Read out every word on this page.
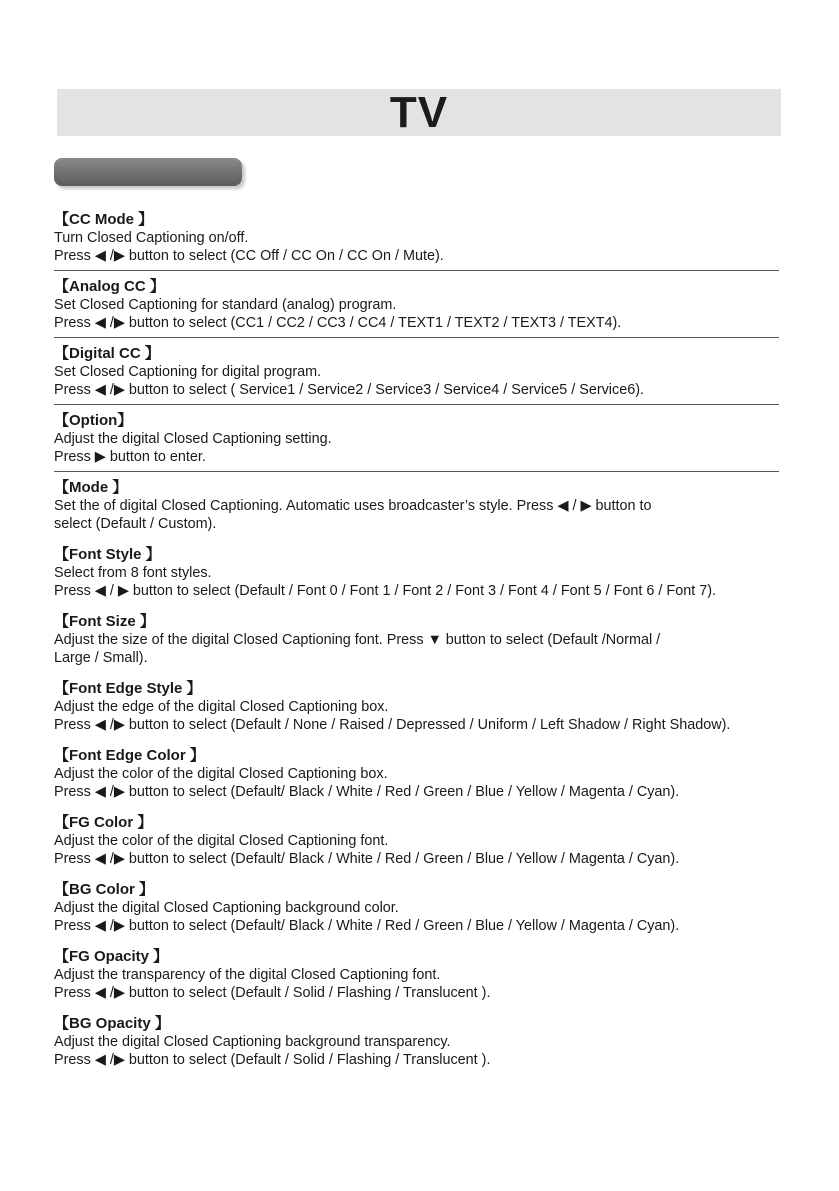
TV
【CC Mode 】
Turn Closed Captioning on/off.
Press ◀ /▶ button to select (CC Off / CC On / CC On / Mute).
【Analog CC 】
Set Closed Captioning for standard (analog) program.
Press ◀ /▶ button to select (CC1 / CC2 / CC3 / CC4 / TEXT1 / TEXT2 / TEXT3 / TEXT4).
【Digital CC 】
Set Closed Captioning for digital program.
Press ◀ /▶ button to select ( Service1 / Service2 / Service3 / Service4 / Service5 / Service6).
【Option】
Adjust the digital Closed Captioning setting.
Press ▶ button to enter.
【Mode 】
Set the of digital Closed Captioning. Automatic uses broadcaster’s style. Press ◀ / ▶ button to
select (Default / Custom).
【Font Style 】
Select from 8 font styles.
Press ◀ / ▶ button to select (Default / Font 0 / Font 1 / Font 2 / Font 3 / Font 4 / Font 5 / Font 6 / Font 7).
【Font Size 】
Adjust the size of the digital Closed Captioning font. Press ▼ button to select (Default /Normal /
Large / Small).
【Font Edge Style 】
Adjust the edge of the digital Closed Captioning box.
Press ◀ /▶ button to select (Default / None / Raised / Depressed / Uniform / Left Shadow / Right Shadow).
【Font Edge Color 】
Adjust the color of the digital Closed Captioning box.
Press ◀ /▶ button to select (Default/ Black / White / Red / Green / Blue / Yellow / Magenta / Cyan).
【FG Color 】
Adjust the color of the digital Closed Captioning font.
Press ◀ /▶ button to select (Default/ Black / White / Red / Green / Blue / Yellow / Magenta / Cyan).
【BG Color 】
Adjust the digital Closed Captioning background color.
Press ◀ /▶ button to select (Default/ Black / White / Red / Green / Blue / Yellow / Magenta / Cyan).
【FG Opacity 】
Adjust the transparency of the digital Closed Captioning font.
Press ◀ /▶ button to select (Default / Solid / Flashing / Translucent ).
【BG Opacity 】
Adjust the digital Closed Captioning background transparency.
Press ◀ /▶ button to select (Default / Solid / Flashing / Translucent ).
